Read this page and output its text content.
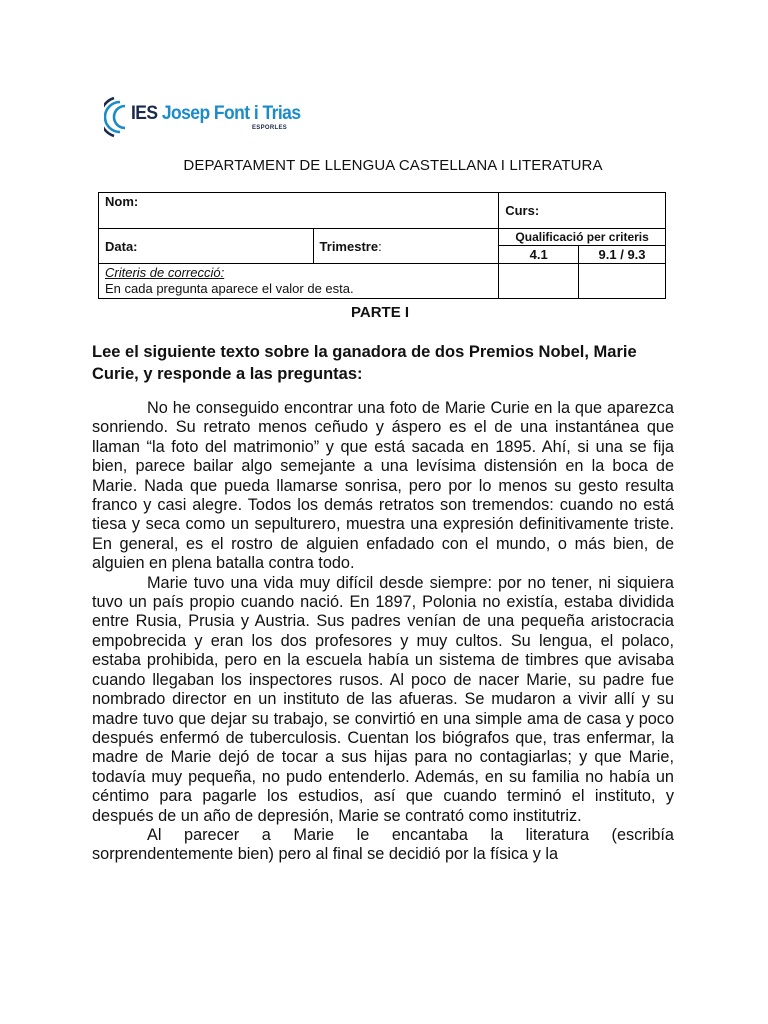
IES Josep Font i Trias
ESPORLES
DEPARTAMENT DE LLENGUA CASTELLANA I LITERATURA
Nom:		Curs:	
Data:	Trimestre:	Qualificació per criteris	
		4.1	9.1 / 9.3

Criteris de correcció:
En cada pregunta aparece el valor de esta.			

PARTE I
Lee el siguiente texto sobre la ganadora de dos Premios Nobel, Marie Curie, y responde a las preguntas:

No he conseguido encontrar una foto de Marie Curie en la que aparezca sonriendo. Su retrato menos ceñudo y áspero es el de una instantánea que llaman “la foto del matrimonio” y que está sacada en 1895. Ahí, si una se fija bien, parece bailar algo semejante a una levísima distensión en la boca de Marie. Nada que pueda llamarse sonrisa, pero por lo menos su gesto resulta franco y casi alegre. Todos los demás retratos son tremendos: cuando no está tiesa y seca como un sepulturero, muestra una expresión definitivamente triste. En general, es el rostro de alguien enfadado con el mundo, o más bien, de alguien en plena batalla contra todo.

Marie tuvo una vida muy difícil desde siempre: por no tener, ni siquiera tuvo un país propio cuando nació. En 1897, Polonia no existía, estaba dividida entre Rusia, Prusia y Austria. Sus padres venían de una pequeña aristocracia empobrecida y eran los dos profesores y muy cultos. Su lengua, el polaco, estaba prohibida, pero en la escuela había un sistema de timbres que avisaba cuando llegaban los inspectores rusos. Al poco de nacer Marie, su padre fue nombrado director en un instituto de las afueras. Se mudaron a vivir allí y su madre tuvo que dejar su trabajo, se convirtió en una simple ama de casa y poco después enfermó de tuberculosis. Cuentan los biógrafos que, tras enfermar, la madre de Marie dejó de tocar a sus hijas para no contagiarlas; y que Marie, todavía muy pequeña, no pudo entenderlo. Además, en su familia no había un céntimo para pagarle los estudios, así que cuando terminó el instituto, y después de un año de depresión, Marie se contrató como institutriz.

Al parecer a Marie le encantaba la literatura (escribía sorprendentemente bien) pero al final se decidió por la física y la
